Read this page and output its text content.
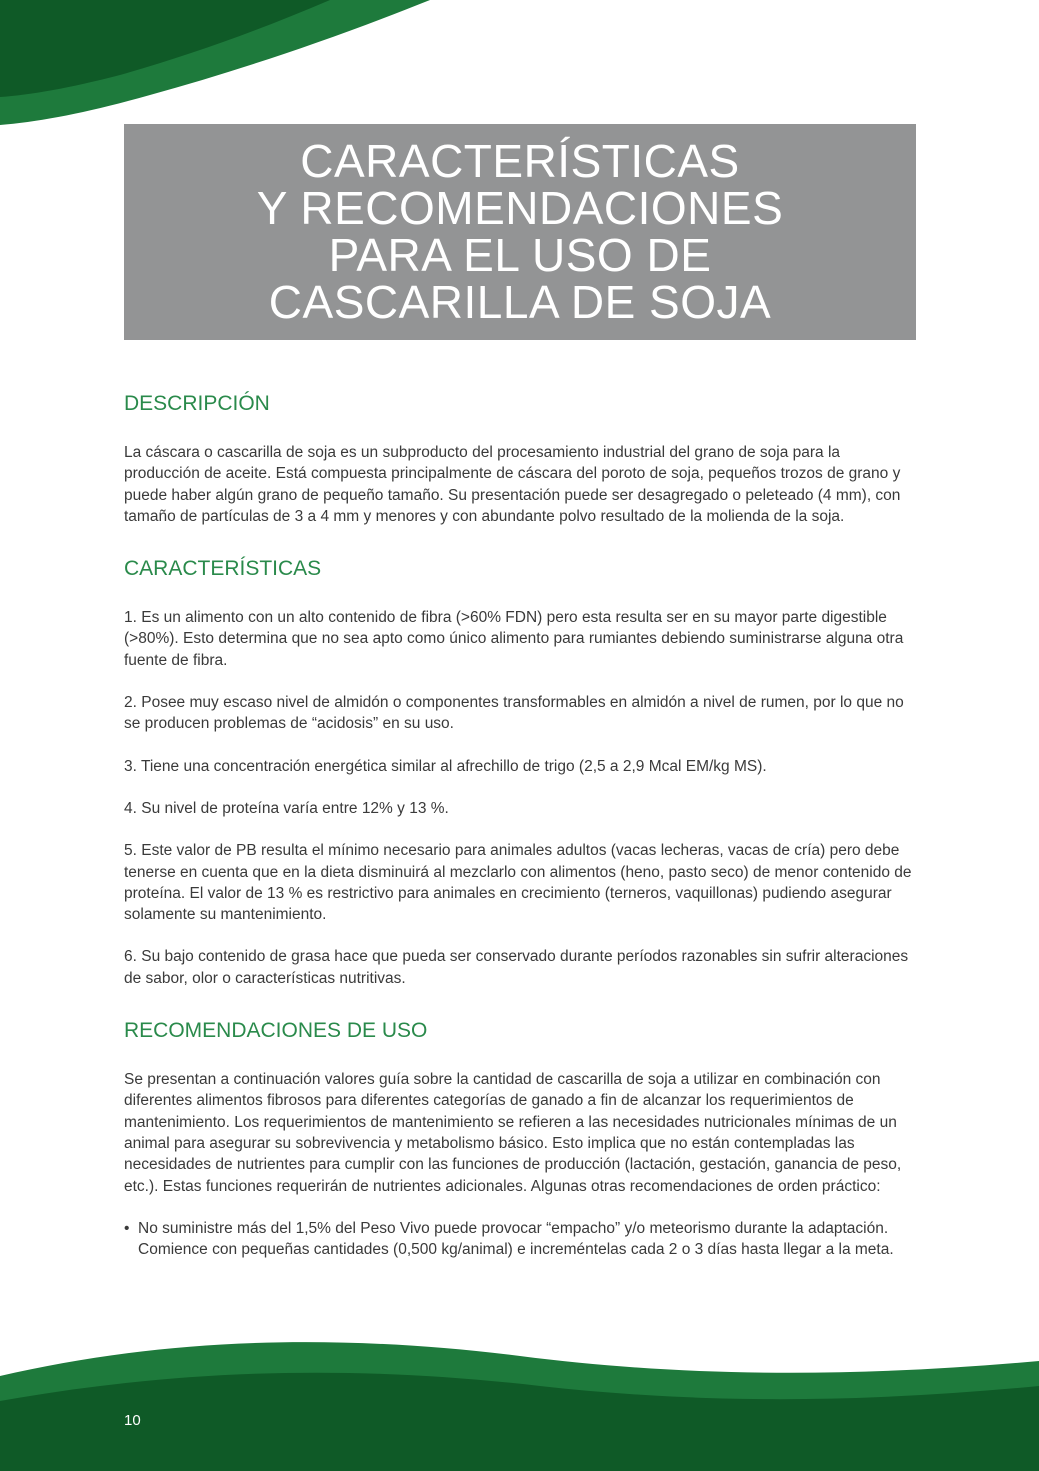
CARACTERÍSTICAS
Y RECOMENDACIONES
PARA EL USO DE
CASCARILLA DE SOJA
DESCRIPCIÓN

La cáscara o cascarilla de soja es un subproducto del procesamiento industrial del grano de soja para la producción de aceite. Está compuesta principalmente de cáscara del poroto de soja, pequeños trozos de grano y puede haber algún grano de pequeño tamaño. Su presentación puede ser desagregado o peleteado (4 mm), con tamaño de partículas de 3 a 4 mm y menores y con abundante polvo resultado de la molienda de la soja.

CARACTERÍSTICAS

1. Es un alimento con un alto contenido de fibra (>60% FDN) pero esta resulta ser en su mayor parte digestible (>80%). Esto determina que no sea apto como único alimento para rumiantes debiendo suministrarse alguna otra fuente de fibra.

2. Posee muy escaso nivel de almidón o componentes transformables en almidón a nivel de rumen, por lo que no se producen problemas de “acidosis” en su uso.

3. Tiene una concentración energética similar al afrechillo de trigo (2,5 a 2,9 Mcal EM/kg MS).

4. Su nivel de proteína varía entre 12% y 13 %.

5. Este valor de PB resulta el mínimo necesario para animales adultos (vacas lecheras, vacas de cría) pero debe tenerse en cuenta que en la dieta disminuirá al mezclarlo con alimentos (heno, pasto seco) de menor contenido de proteína. El valor de 13 % es restrictivo para animales en crecimiento (terneros, vaquillonas) pudiendo asegurar solamente su mantenimiento.

6. Su bajo contenido de grasa hace que pueda ser conservado durante períodos razonables sin sufrir alteraciones de sabor, olor o características nutritivas.

RECOMENDACIONES DE USO

Se presentan a continuación valores guía sobre la cantidad de cascarilla de soja a utilizar en combinación con diferentes alimentos fibrosos para diferentes categorías de ganado a fin de alcanzar los requerimientos de mantenimiento. Los requerimientos de mantenimiento se refieren a las necesidades nutricionales mínimas de un animal para asegurar su sobrevivencia y metabolismo básico. Esto implica que no están contempladas las necesidades de nutrientes para cumplir con las funciones de producción (lactación, gestación, ganancia de peso, etc.). Estas funciones requerirán de nutrientes adicionales. Algunas otras recomendaciones de orden práctico:

• No suministre más del 1,5% del Peso Vivo puede provocar “empacho” y/o meteorismo durante la adaptación. Comience con pequeñas cantidades (0,500 kg/animal) e increméntelas cada 2 o 3 días hasta llegar a la meta.
10
